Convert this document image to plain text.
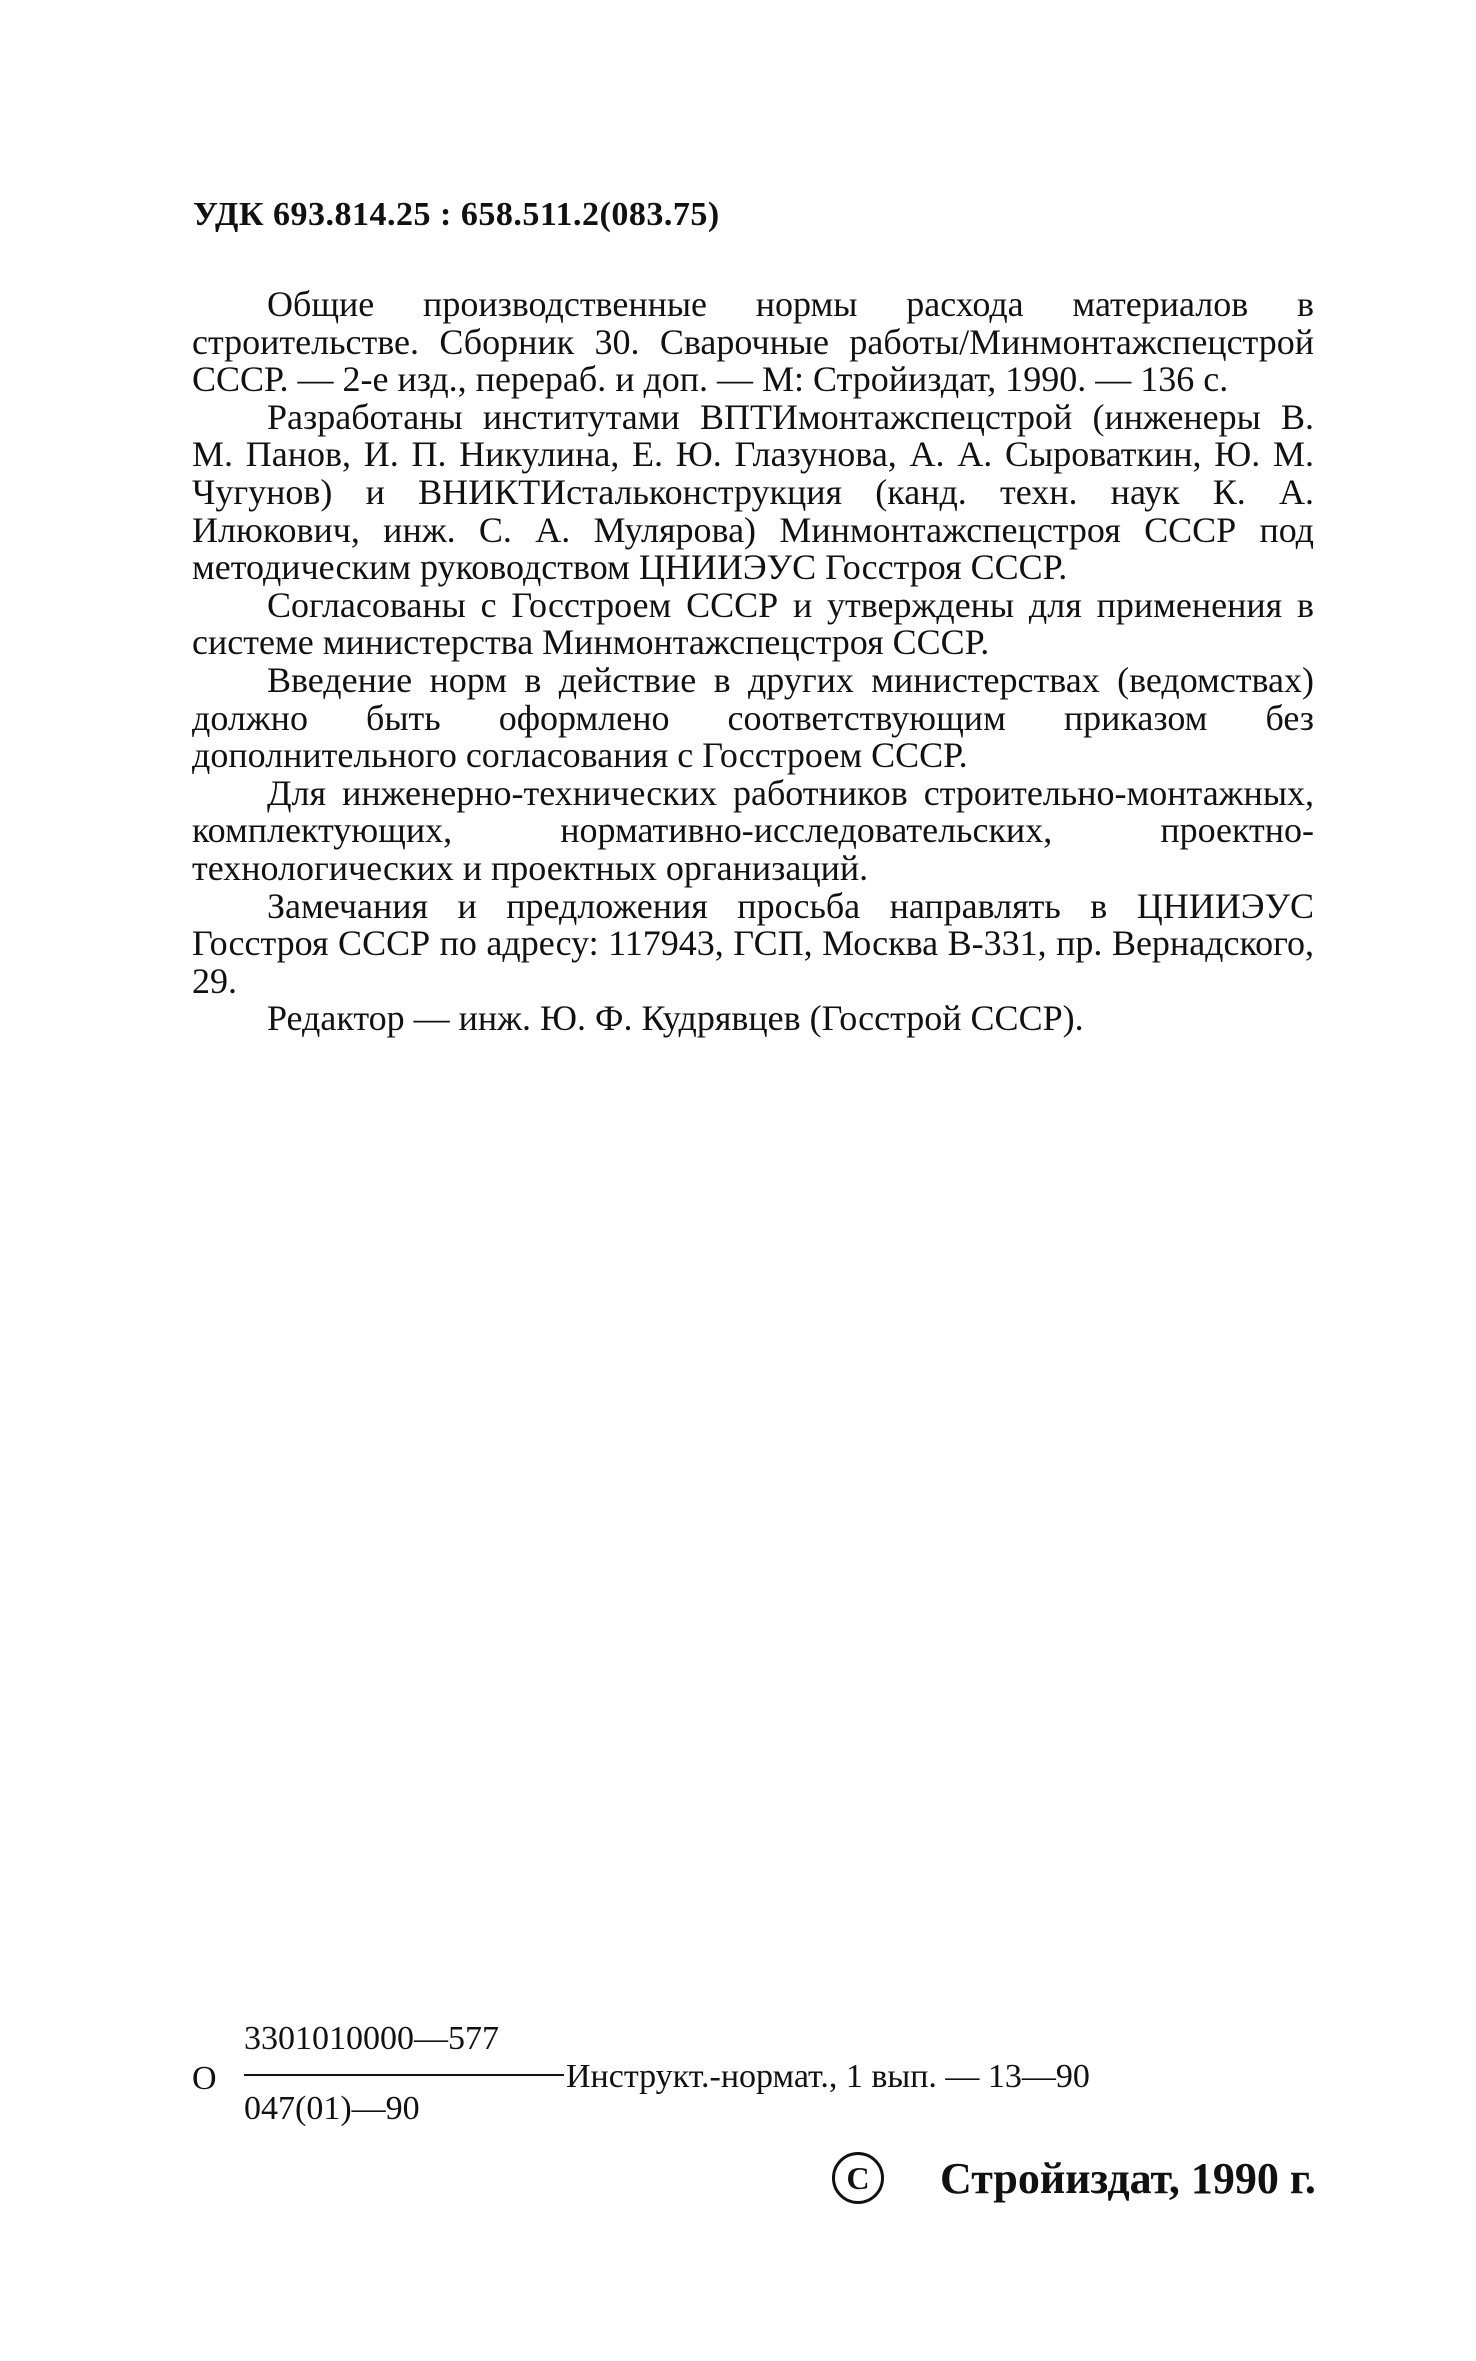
УДК 693.814.25 : 658.511.2(083.75)

Общие производственные нормы расхода материалов в строительстве. Сборник 30. Сварочные работы/Минмонтажспецстрой СССР. — 2-е изд., перераб. и доп. — М: Стройиздат, 1990. — 136 с.

Разработаны институтами ВПТИмонтажспецстрой (инженеры В. М. Панов, И. П. Никулина, Е. Ю. Глазунова, А. А. Сыроваткин, Ю. М. Чугунов) и ВНИКТИстальконструкция (канд. техн. наук К. А. Илюкович, инж. С. А. Мулярова) Минмонтажспецстроя СССР под методическим руководством ЦНИИЭУС Госстроя СССР.

Согласованы с Госстроем СССР и утверждены для применения в системе министерства Минмонтажспецстроя СССР.

Введение норм в действие в других министерствах (ведомствах) должно быть оформлено соответствующим приказом без дополнительного согласования с Госстроем СССР.

Для инженерно-технических работников строительно-монтажных, комплектующих, нормативно-исследовательских, проектно-технологических и проектных организаций.

Замечания и предложения просьба направлять в ЦНИИЭУС Госстроя СССР по адресу: 117943, ГСП, Москва В-331, пр. Вернадского, 29.

Редактор — инж. Ю. Ф. Кудрявцев (Госстрой СССР).

О
3301010000—577
047(01)—90
Инструкт.-нормат., 1 вып. — 13—90
C	Стройиздат, 1990 г.
